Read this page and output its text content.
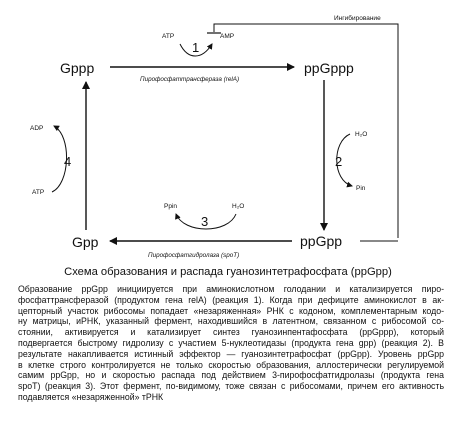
Gppp	ppGppp
ppGpp
Gpp
ATP	AMP
1
Пирофосфаттрансфераза (relA)
Ингибирование
H₂O
Pin
2
Ppin	H₂O
3
Пирофосфатгидролаза (spoT)
ADP
ATP
4

Схема образования и распада гуанозинтетрафосфата (ppGpp)

Образование ppGpp инициируется при аминокислотном голодании и катализируется пиро-
фосфаттрансферазой (продуктом гена relA) (реакция 1). Когда при дефиците аминокислот в ак-
цепторный участок рибосомы попадает «незаряженная» РНК с кодоном, комплементарным кодо-
ну матрицы, иРНК, указанный фермент, находившийся в латентном, связанном с рибосомой со-
стоянии, активируется и катализирует синтез гуанозинпентафосфата (ppGppp), который
подвергается быстрому гидролизу с участием 5-нуклеотидазы (продукта гена gpp) (реакция 2). В
результате накапливается истинный эффектор — гуанозинтетрафосфат (ppGpp). Уровень ppGpp
в клетке строго контролируется не только скоростью образования, аллостерически регулируемой
самим ppGpp, но и скоростью распада под действием 3-пирофосфатгидролазы (продукта гена
spoT) (реакция 3). Этот фермент, по-видимому, тоже связан с рибосомами, причем его активность
подавляется «незаряженной» тРНК
